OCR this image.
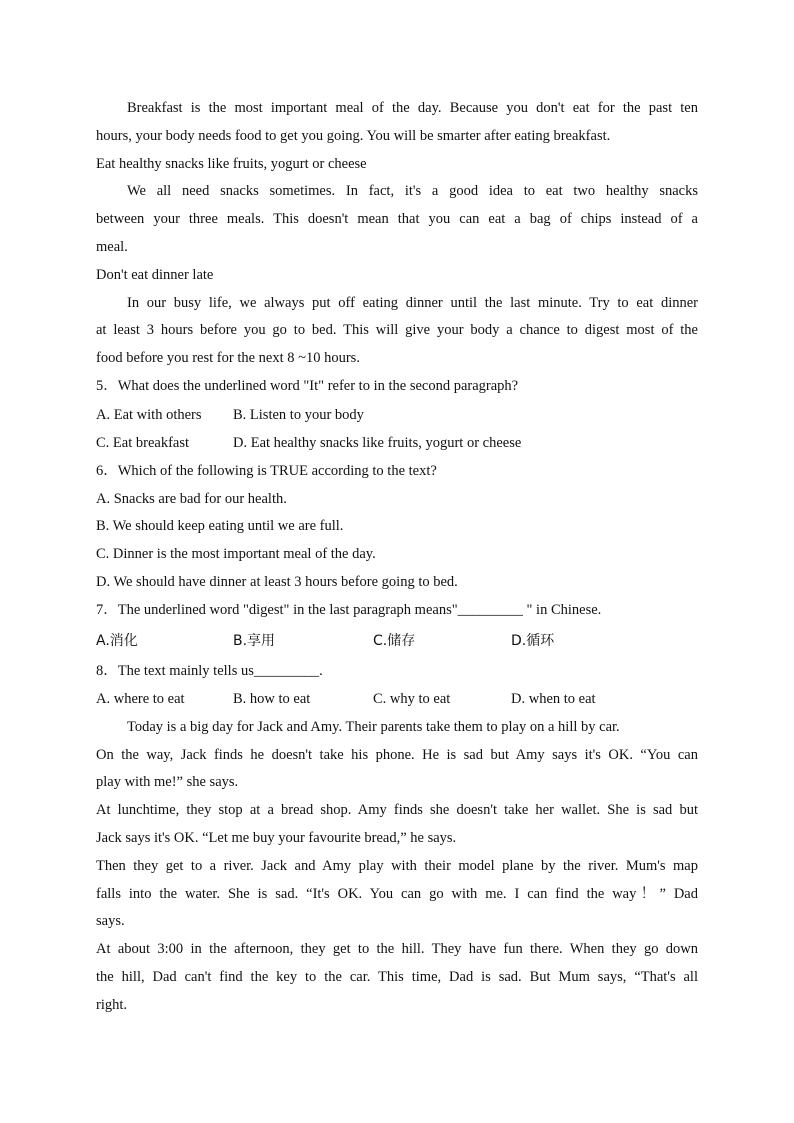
Breakfast is the most important meal of the day. Because you don't eat for the past ten

hours, your body needs food to get you going. You will be smarter after eating breakfast.

Eat healthy snacks like fruits, yogurt or cheese

We all need snacks sometimes. In fact, it's a good idea to eat two healthy snacks

between your three meals. This doesn't mean that you can eat a bag of chips instead of a

meal.

Don't eat dinner late

In our busy life, we always put off eating dinner until the last minute. Try to eat dinner

at least 3 hours before you go to bed. This will give your body a chance to digest most of the

food before you rest for the next 8 ~10 hours.

5．What does the underlined word "It" refer to in the second paragraph?

A. Eat with others	B. Listen to your body
C. Eat breakfast	D. Eat healthy snacks like fruits, yogurt or cheese

6．Which of the following is TRUE according to the text?

A. Snacks are bad for our health.

B. We should keep eating until we are full.

C. Dinner is the most important meal of the day.

D. We should have dinner at least 3 hours before going to bed.

7．The underlined word "digest" in the last paragraph means"_________ " in Chinese.

A.消化	B.享用	C.储存	D.循环

8．The text mainly tells us_________.

A. where to eat	B. how to eat	C. why to eat	D. when to eat

Today is a big day for Jack and Amy. Their parents take them to play on a hill by car.

On the way, Jack finds he doesn't take his phone. He is sad but Amy says it's OK. “You can

play with me!” she says.

At lunchtime, they stop at a bread shop. Amy finds she doesn't take her wallet. She is sad but

Jack says it's OK. “Let me buy your favourite bread,” he says.

Then they get to a river. Jack and Amy play with their model plane by the river. Mum's map

falls into the water. She is sad. “It's OK. You can go with me. I can find the way！” Dad

says.

At about 3:00 in the afternoon, they get to the hill. They have fun there. When they go down

the hill, Dad can't find the key to the car. This time, Dad is sad. But Mum says, “That's all

right.
